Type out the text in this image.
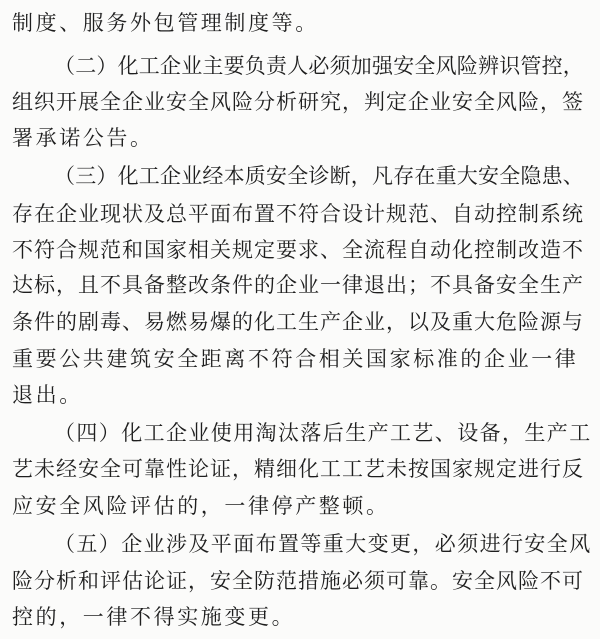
制度、服务外包管理制度等。
（二）化工企业主要负责人必须加强安全风险辨识管控，
组织开展全企业安全风险分析研究，判定企业安全风险，签
署承诺公告。
（三）化工企业经本质安全诊断，凡存在重大安全隐患、
存在企业现状及总平面布置不符合设计规范、自动控制系统
不符合规范和国家相关规定要求、全流程自动化控制改造不
达标，且不具备整改条件的企业一律退出；不具备安全生产
条件的剧毒、易燃易爆的化工生产企业，以及重大危险源与
重要公共建筑安全距离不符合相关国家标准的企业一律
退出。
（四）化工企业使用淘汰落后生产工艺、设备，生产工
艺未经安全可靠性论证，精细化工工艺未按国家规定进行反
应安全风险评估的，一律停产整顿。
（五）企业涉及平面布置等重大变更，必须进行安全风
险分析和评估论证，安全防范措施必须可靠。安全风险不可
控的，一律不得实施变更。
